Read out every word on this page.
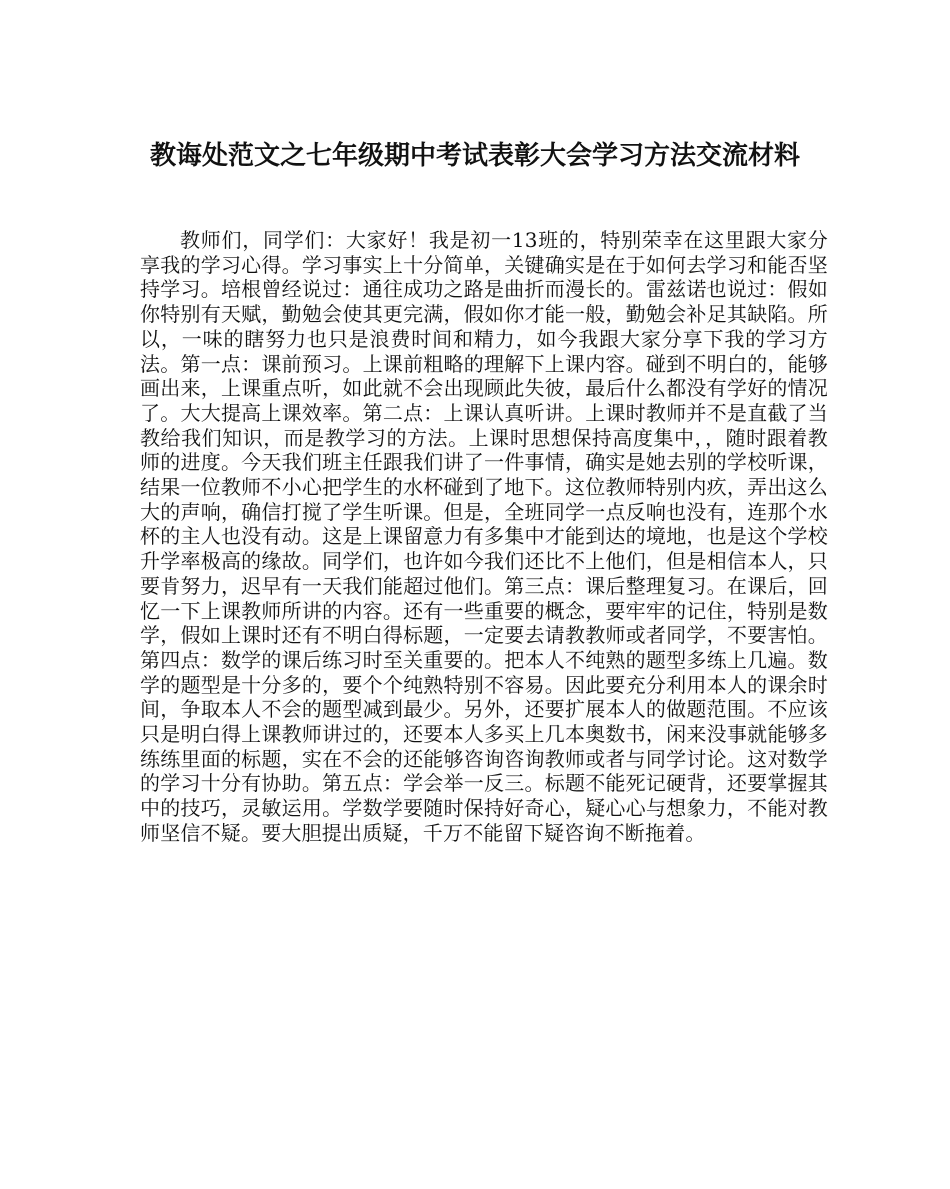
教诲处范文之七年级期中考试表彰大会学习方法交流材料

教师们，同学们：大家好！我是初一13班的，特别荣幸在这里跟大家分享我的学习心得。学习事实上十分简单，关键确实是在于如何去学习和能否坚持学习。培根曾经说过：通往成功之路是曲折而漫长的。雷兹诺也说过：假如你特别有天赋，勤勉会使其更完满，假如你才能一般，勤勉会补足其缺陷。所以，一味的瞎努力也只是浪费时间和精力，如今我跟大家分享下我的学习方法。第一点：课前预习。上课前粗略的理解下上课内容。碰到不明白的，能够画出来，上课重点听，如此就不会出现顾此失彼，最后什么都没有学好的情况了。大大提高上课效率。第二点：上课认真听讲。上课时教师并不是直截了当教给我们知识，而是教学习的方法。上课时思想保持高度集中，，随时跟着教师的进度。今天我们班主任跟我们讲了一件事情，确实是她去别的学校听课，结果一位教师不小心把学生的水杯碰到了地下。这位教师特别内疚，弄出这么大的声响，确信打搅了学生听课。但是，全班同学一点反响也没有，连那个水杯的主人也没有动。这是上课留意力有多集中才能到达的境地，也是这个学校升学率极高的缘故。同学们，也许如今我们还比不上他们，但是相信本人，只要肯努力，迟早有一天我们能超过他们。第三点：课后整理复习。在课后，回忆一下上课教师所讲的内容。还有一些重要的概念，要牢牢的记住，特别是数学，假如上课时还有不明白得标题，一定要去请教教师或者同学，不要害怕。第四点：数学的课后练习时至关重要的。把本人不纯熟的题型多练上几遍。数学的题型是十分多的，要个个纯熟特别不容易。因此要充分利用本人的课余时间，争取本人不会的题型减到最少。另外，还要扩展本人的做题范围。不应该只是明白得上课教师讲过的，还要本人多买上几本奥数书，闲来没事就能够多练练里面的标题，实在不会的还能够咨询咨询教师或者与同学讨论。这对数学的学习十分有协助。第五点：学会举一反三。标题不能死记硬背，还要掌握其中的技巧，灵敏运用。学数学要随时保持好奇心，疑心心与想象力，不能对教师坚信不疑。要大胆提出质疑，千万不能留下疑咨询不断拖着。
